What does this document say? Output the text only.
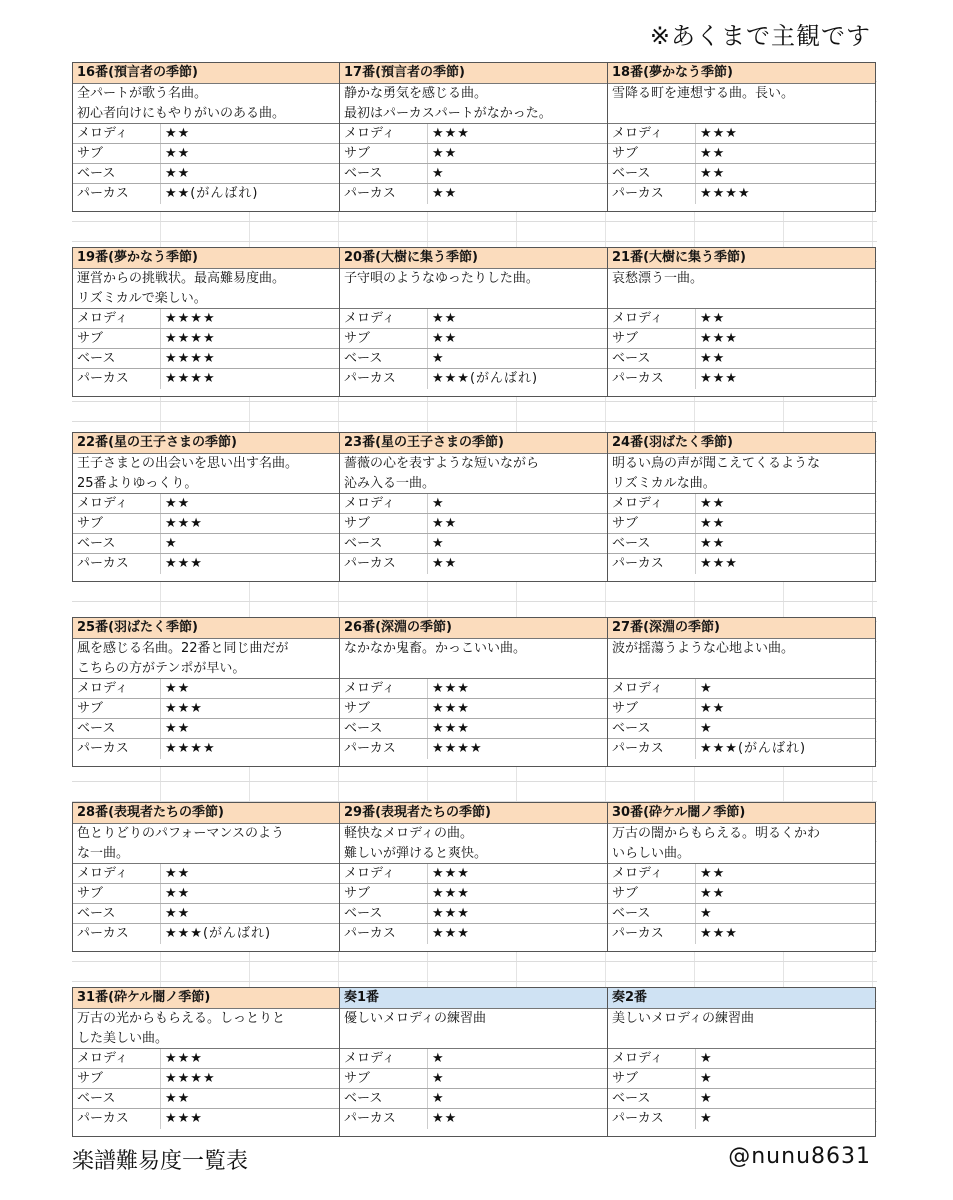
※あくまで主観です
16番(預言者の季節)
全パートが歌う名曲。
初心者向けにもやりがいのある曲。
メロディ	★★
サブ	★★
ベース	★★
パーカス	★★(がんばれ)
17番(預言者の季節)
静かな勇気を感じる曲。
最初はパーカスパートがなかった。
メロディ	★★★
サブ	★★
ベース	★
パーカス	★★
18番(夢かなう季節)
雪降る町を連想する曲。長い。
メロディ	★★★
サブ	★★
ベース	★★
パーカス	★★★★
19番(夢かなう季節)
運営からの挑戦状。最高難易度曲。
リズミカルで楽しい。
メロディ	★★★★
サブ	★★★★
ベース	★★★★
パーカス	★★★★
20番(大樹に集う季節)
子守唄のようなゆったりした曲。
メロディ	★★
サブ	★★
ベース	★
パーカス	★★★(がんばれ)
21番(大樹に集う季節)
哀愁漂う一曲。
メロディ	★★
サブ	★★★
ベース	★★
パーカス	★★★
22番(星の王子さまの季節)
王子さまとの出会いを思い出す名曲。
25番よりゆっくり。
メロディ	★★
サブ	★★★
ベース	★
パーカス	★★★
23番(星の王子さまの季節)
薔薇の心を表すような短いながら
沁み入る一曲。
メロディ	★
サブ	★★
ベース	★
パーカス	★★
24番(羽ばたく季節)
明るい鳥の声が聞こえてくるような
リズミカルな曲。
メロディ	★★
サブ	★★
ベース	★★
パーカス	★★★
25番(羽ばたく季節)
風を感じる名曲。22番と同じ曲だが
こちらの方がテンポが早い。
メロディ	★★
サブ	★★★
ベース	★★
パーカス	★★★★
26番(深淵の季節)
なかなか鬼畜。かっこいい曲。
メロディ	★★★
サブ	★★★
ベース	★★★
パーカス	★★★★
27番(深淵の季節)
波が揺蕩うような心地よい曲。
メロディ	★
サブ	★★
ベース	★
パーカス	★★★(がんばれ)
28番(表現者たちの季節)
色とりどりのパフォーマンスのよう
な一曲。
メロディ	★★
サブ	★★
ベース	★★
パーカス	★★★(がんばれ)
29番(表現者たちの季節)
軽快なメロディの曲。
難しいが弾けると爽快。
メロディ	★★★
サブ	★★★
ベース	★★★
パーカス	★★★
30番(砕ケル闇ノ季節)
万古の闇からもらえる。明るくかわ
いらしい曲。
メロディ	★★
サブ	★★
ベース	★
パーカス	★★★
31番(砕ケル闇ノ季節)
万古の光からもらえる。しっとりと
した美しい曲。
メロディ	★★★
サブ	★★★★
ベース	★★
パーカス	★★★
奏1番
優しいメロディの練習曲
メロディ	★
サブ	★
ベース	★
パーカス	★★
奏2番
美しいメロディの練習曲
メロディ	★
サブ	★
ベース	★
パーカス	★
楽譜難易度一覧表	@nunu8631
